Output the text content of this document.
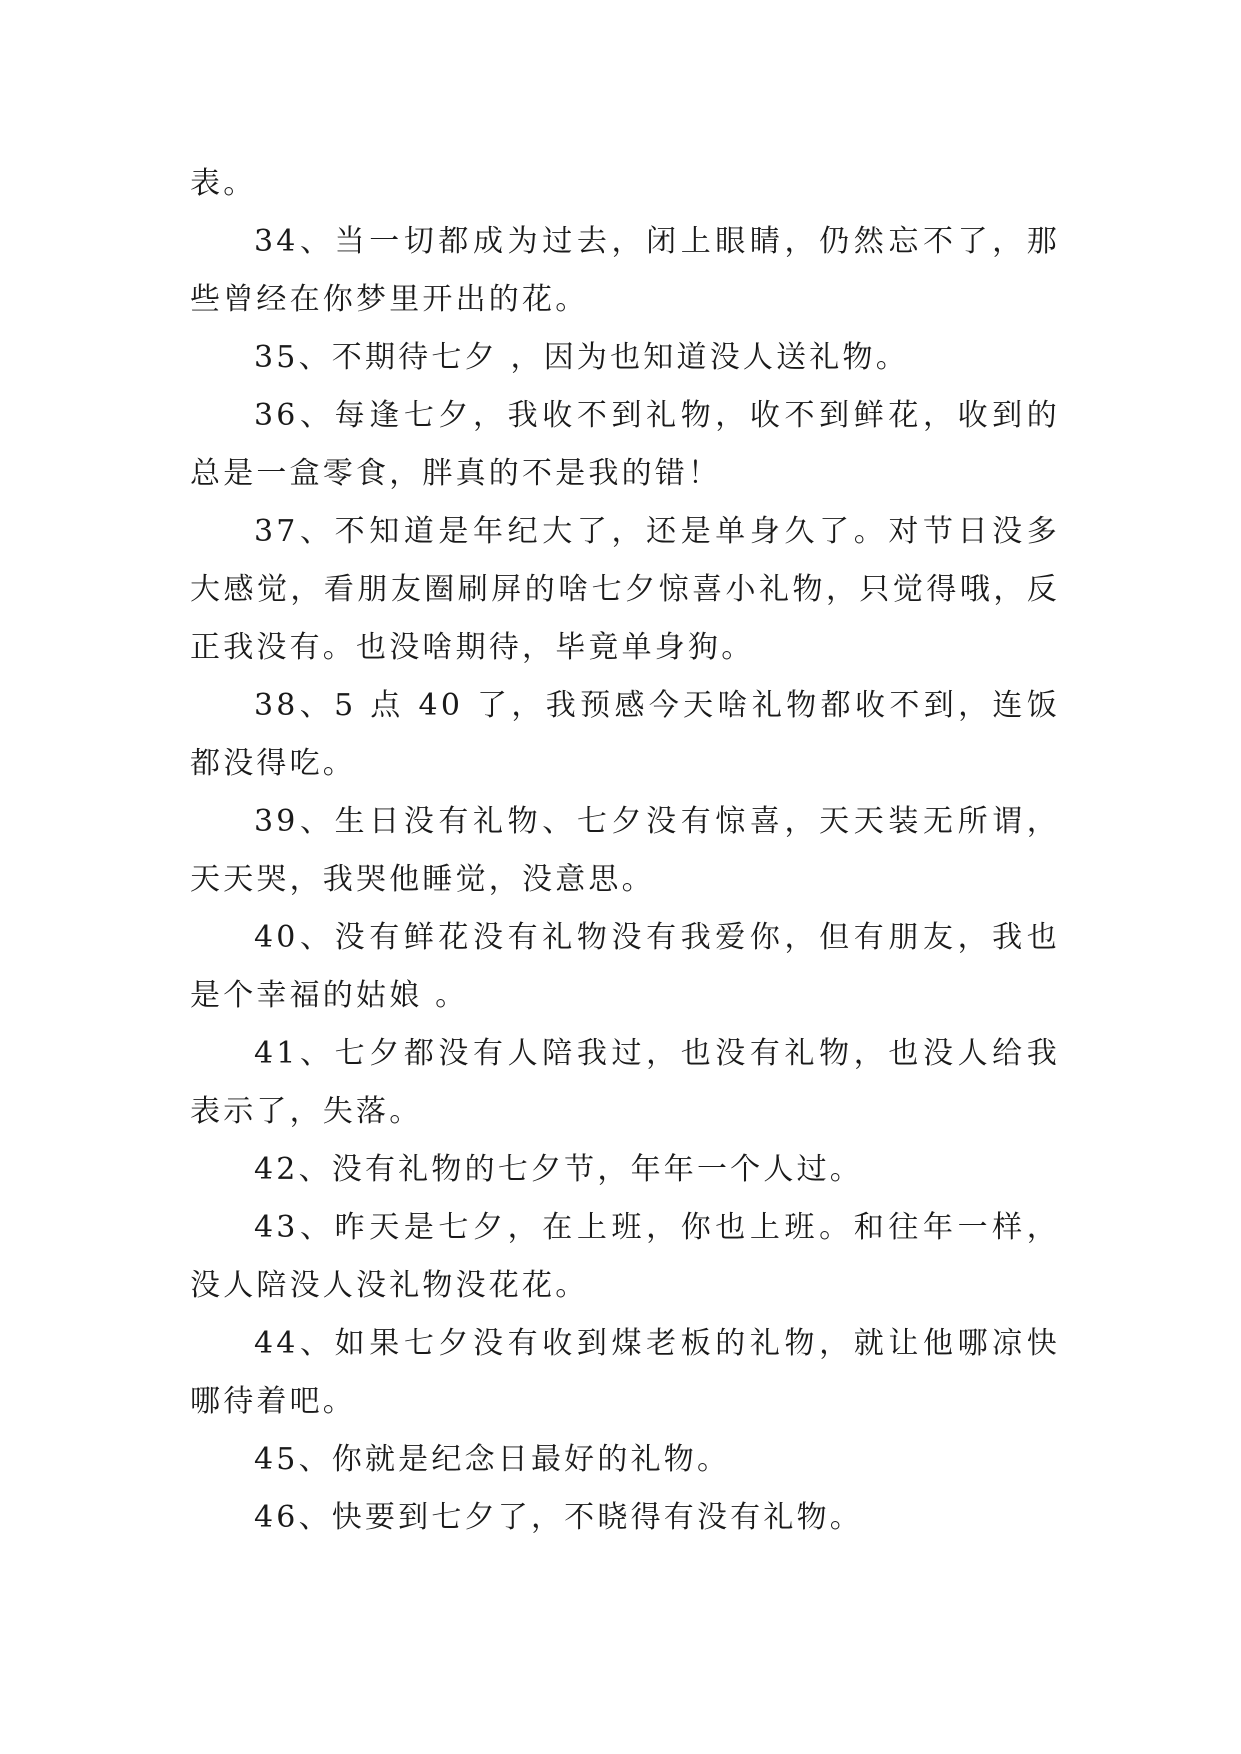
表。

34、当一切都成为过去，闭上眼睛，仍然忘不了，那些曾经在你梦里开出的花。

35、不期待七夕 ，因为也知道没人送礼物。

36、每逢七夕，我收不到礼物，收不到鲜花，收到的总是一盒零食，胖真的不是我的错！

37、不知道是年纪大了，还是单身久了。对节日没多大感觉，看朋友圈刷屏的啥七夕惊喜小礼物，只觉得哦，反正我没有。也没啥期待，毕竟单身狗。

38、5 点 40 了，我预感今天啥礼物都收不到，连饭都没得吃。

39、生日没有礼物、七夕没有惊喜，天天装无所谓，天天哭，我哭他睡觉，没意思。

40、没有鲜花没有礼物没有我爱你，但有朋友，我也是个幸福的姑娘 。

41、七夕都没有人陪我过，也没有礼物，也没人给我表示了，失落。

42、没有礼物的七夕节，年年一个人过。

43、昨天是七夕，在上班，你也上班。和往年一样，没人陪没人没礼物没花花。

44、如果七夕没有收到煤老板的礼物，就让他哪凉快哪待着吧。

45、你就是纪念日最好的礼物。

46、快要到七夕了，不晓得有没有礼物。
